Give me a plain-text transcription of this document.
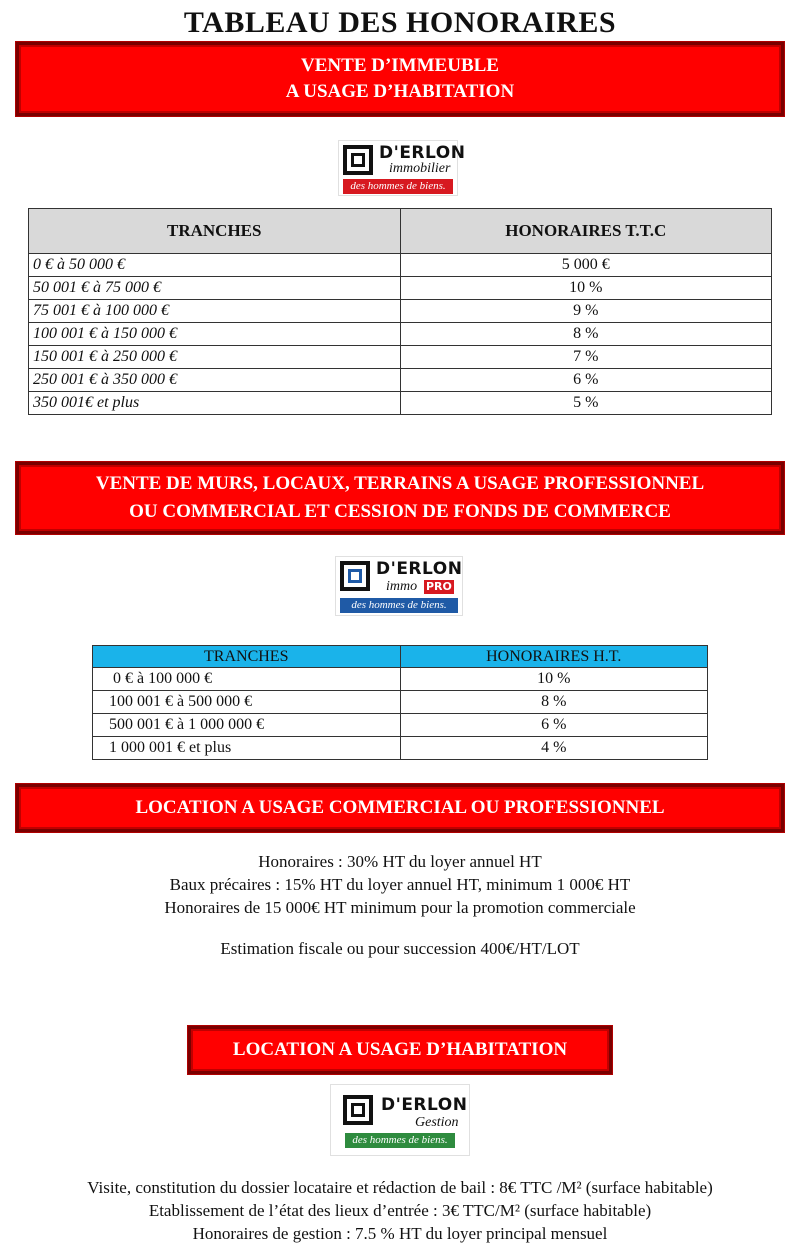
TABLEAU DES HONORAIRES
VENTE D’IMMEUBLE
A USAGE D’HABITATION
D'ERLON
immobilier
des hommes de biens.
TRANCHES	HONORAIRES T.T.C
0 € à 50 000 €	5 000 €
50 001 € à 75 000 €	10 %
75 001 € à 100 000 €	9 %
100 001 € à 150 000 €	8 %
150 001 € à 250 000 €	7 %
250 001 € à 350 000 €	6 %
350 001€ et plus	5 %
VENTE DE MURS, LOCAUX, TERRAINS A USAGE PROFESSIONNEL
OU COMMERCIAL ET CESSION DE FONDS DE COMMERCE
D'ERLON
immo PRO
des hommes de biens.
TRANCHES	HONORAIRES H.T.
0 € à 100 000 €	10 %
100 001 € à 500 000 €	8 %
500 001 € à 1 000 000 €	6 %
1 000 001 € et plus	4 %
LOCATION A USAGE COMMERCIAL OU PROFESSIONNEL
Honoraires : 30% HT du loyer annuel HT
Baux précaires : 15% HT du loyer annuel HT, minimum 1 000€ HT
Honoraires de 15 000€ HT minimum pour la promotion commerciale
Estimation fiscale ou pour succession 400€/HT/LOT
LOCATION A USAGE D’HABITATION
D'ERLON
Gestion
des hommes de biens.
Visite, constitution du dossier locataire et rédaction de bail : 8€ TTC /M² (surface habitable)
Etablissement de l’état des lieux d’entrée : 3€ TTC/M² (surface habitable)
Honoraires de gestion : 7.5 % HT du loyer principal mensuel
